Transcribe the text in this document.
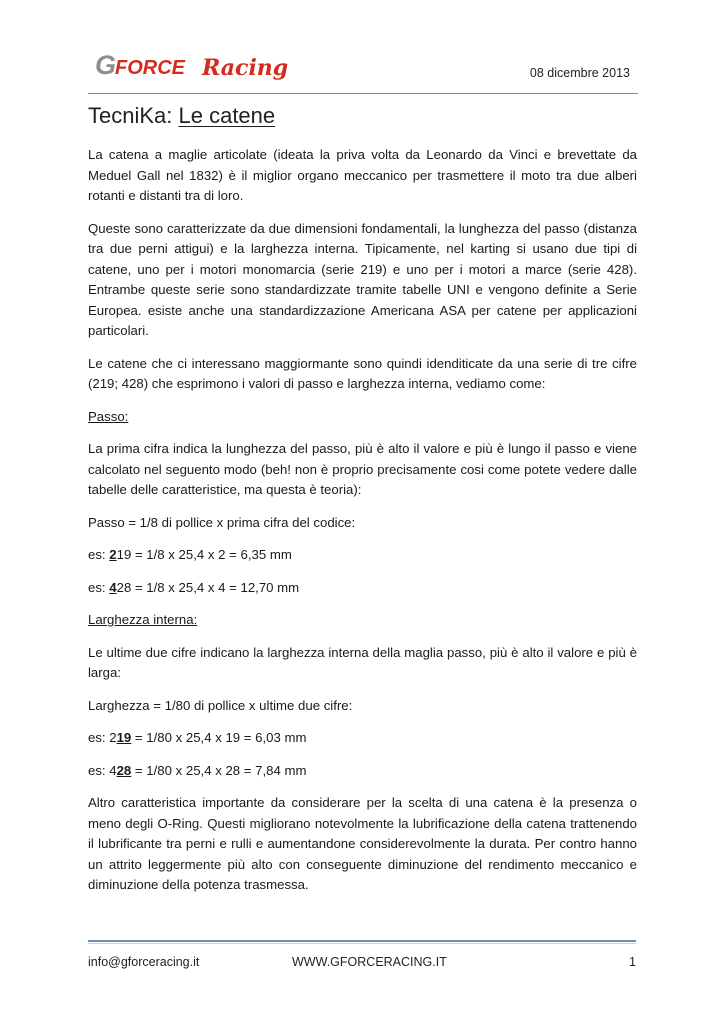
G
FORCE Racing	08 dicembre 2013
TecniKa: Le catene

La catena a maglie articolate (ideata la priva volta da Leonardo da Vinci e brevettate da Meduel Gall nel 1832) è il miglior organo meccanico per trasmettere il moto tra due alberi rotanti e distanti tra di loro.

Queste sono caratterizzate da due dimensioni fondamentali, la lunghezza del passo (distanza tra due perni attigui) e la larghezza interna. Tipicamente, nel karting si usano due tipi di catene, uno per i motori monomarcia (serie 219) e uno per i motori a marce (serie 428). Entrambe queste serie sono standardizzate tramite tabelle UNI e vengono definite a Serie Europea. esiste anche una standardizzazione Americana ASA per catene per applicazioni particolari.

Le catene che ci interessano maggiormante sono quindi idenditicate da una serie di tre cifre (219; 428) che esprimono i valori di passo e larghezza interna, vediamo come:

Passo:

La prima cifra indica la lunghezza del passo, più è alto il valore e più è lungo il passo e viene calcolato nel seguento modo (beh! non è proprio precisamente cosi come potete vedere dalle tabelle delle caratteristice, ma questa è teoria):

Passo = 1/8 di pollice x prima cifra del codice:

es: 219 = 1/8 x 25,4 x 2 = 6,35 mm

es: 428 = 1/8 x 25,4 x 4 = 12,70 mm

Larghezza interna:

Le ultime due cifre indicano la larghezza interna della maglia passo, più è alto il valore e più è larga:

Larghezza = 1/80 di pollice x ultime due cifre:

es: 219 = 1/80 x 25,4 x 19 = 6,03 mm

es: 428 = 1/80 x 25,4 x 28 = 7,84 mm

Altro caratteristica importante da considerare per la scelta di una catena è la presenza o meno degli O-Ring. Questi migliorano notevolmente la lubrificazione della catena trattenendo il lubrificante tra perni e rulli e aumentandone considerevolmente la durata. Per contro hanno un attrito leggermente più alto con conseguente diminuzione del rendimento meccanico e diminuzione della potenza trasmessa.

info@gforceracing.it	WWW.GFORCERACING.IT	1
